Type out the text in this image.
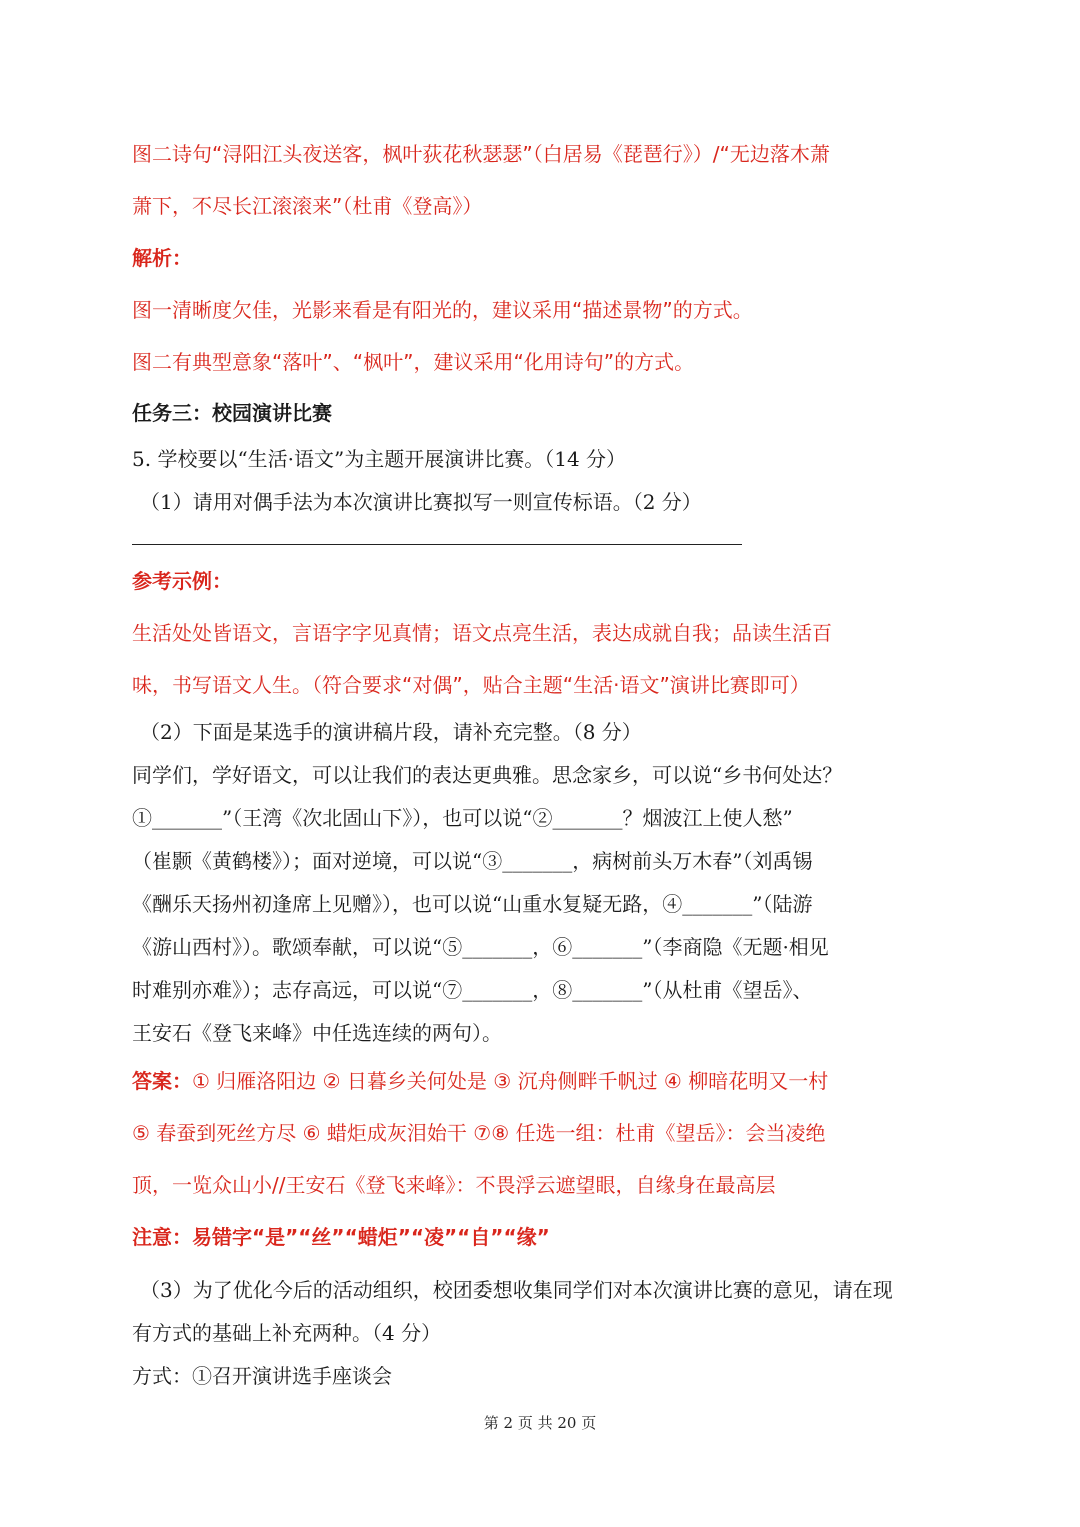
图二诗句“浔阳江头夜送客，枫叶荻花秋瑟瑟”（白居易《琵琶行》）/“无边落木萧

萧下，不尽长江滚滚来”（杜甫《登高》）

解析：

图一清晰度欠佳，光影来看是有阳光的，建议采用“描述景物”的方式。

图二有典型意象“落叶”、“枫叶”，建议采用“化用诗句”的方式。

任务三：校园演讲比赛

5. 学校要以“生活·语文”为主题开展演讲比赛。（14 分）

（1）请用对偶手法为本次演讲比赛拟写一则宣传标语。（2 分）

参考示例：

生活处处皆语文，言语字字见真情；语文点亮生活，表达成就自我；品读生活百

味，书写语文人生。（符合要求“对偶”，贴合主题“生活·语文”演讲比赛即可）

（2）下面是某选手的演讲稿片段，请补充完整。（8 分）

同学们，学好语文，可以让我们的表达更典雅。思念家乡，可以说“乡书何处达？

①_______”（王湾《次北固山下》），也可以说“②_______？烟波江上使人愁”

（崔颢《黄鹤楼》）；面对逆境，可以说“③_______，病树前头万木春”（刘禹锡

《酬乐天扬州初逢席上见赠》），也可以说“山重水复疑无路，④_______”（陆游

《游山西村》）。歌颂奉献，可以说“⑤_______，⑥_______”（李商隐《无题·相见

时难别亦难》）；志存高远，可以说“⑦_______，⑧_______”（从杜甫《望岳》、

王安石《登飞来峰》中任选连续的两句）。

答案：① 归雁洛阳边 ② 日暮乡关何处是 ③ 沉舟侧畔千帆过 ④ 柳暗花明又一村

⑤ 春蚕到死丝方尽 ⑥ 蜡炬成灰泪始干 ⑦⑧ 任选一组：杜甫《望岳》：会当凌绝

顶，一览众山小//王安石《登飞来峰》：不畏浮云遮望眼，自缘身在最高层

注意：易错字“是”“丝”“蜡炬”“凌”“自”“缘”

（3）为了优化今后的活动组织，校团委想收集同学们对本次演讲比赛的意见，请在现

有方式的基础上补充两种。（4 分）

方式：①召开演讲选手座谈会

第 2 页 共 20 页
